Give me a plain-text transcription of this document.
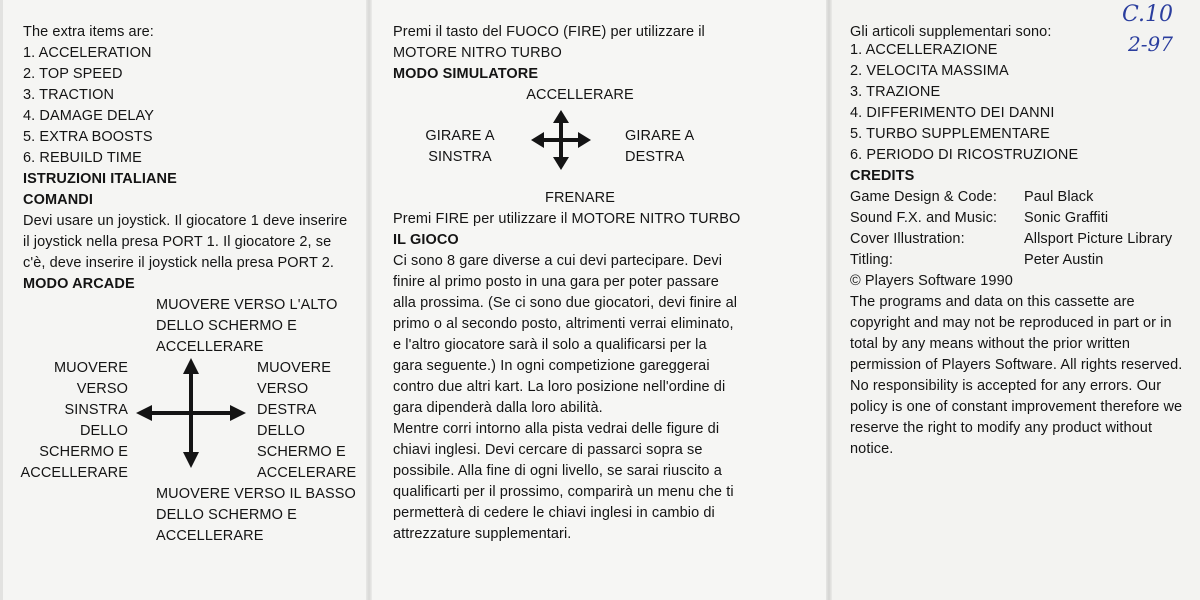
The extra items are:
1. ACCELERATION
2. TOP SPEED
3. TRACTION
4. DAMAGE DELAY
5. EXTRA BOOSTS
6. REBUILD TIME
ISTRUZIONI ITALIANE
COMANDI
Devi usare un joystick. Il giocatore 1 deve inserire
il joystick nella presa PORT 1. Il giocatore 2, se
c'è, deve inserire il joystick nella presa PORT 2.
MODO ARCADE
MUOVERE VERSO L'ALTO
DELLO SCHERMO E
ACCELLERARE
MUOVERE
VERSO
SINSTRA
DELLO
SCHERMO E
ACCELLERARE
MUOVERE
VERSO
DESTRA
DELLO
SCHERMO E
ACCELERARE
MUOVERE VERSO IL BASSO
DELLO SCHERMO E
ACCELLERARE
Premi il tasto del FUOCO (FIRE) per utilizzare il
MOTORE NITRO TURBO
MODO SIMULATORE
ACCELLERARE
GIRARE A
SINSTRA
GIRARE A
DESTRA
FRENARE
Premi FIRE per utilizzare il MOTORE NITRO TURBO
IL GIOCO
Ci sono 8 gare diverse a cui devi partecipare. Devi
finire al primo posto in una gara per poter passare
alla prossima. (Se ci sono due giocatori, devi finire al
primo o al secondo posto, altrimenti verrai eliminato,
e l'altro giocatore sarà il solo a qualificarsi per la
gara seguente.) In ogni competizione gareggerai
contro due altri kart. La loro posizione nell'ordine di
gara dipenderà dalla loro abilità.
Mentre corri intorno alla pista vedrai delle figure di
chiavi inglesi. Devi cercare di passarci sopra se
possibile. Alla fine di ogni livello, se sarai riuscito a
qualificarti per il prossimo, comparirà un menu che ti
permetterà di cedere le chiavi inglesi in cambio di
attrezzature supplementari.
Gli articoli supplementari sono:
1. ACCELLERAZIONE
2. VELOCITA MASSIMA
3. TRAZIONE
4. DIFFERIMENTO DEI DANNI
5. TURBO SUPPLEMENTARE
6. PERIODO DI RICOSTRUZIONE
CREDITS
Game Design & Code: Paul Black
Sound F.X. and Music: Sonic Graffiti
Cover Illustration:	Allsport Picture Library
Titling:	Peter Austin
© Players Software 1990
The programs and data on this cassette are
copyright and may not be reproduced in part or in
total by any means without the prior written
permission of Players Software. All rights reserved.
No responsibility is accepted for any errors. Our
policy is one of constant improvement therefore we
reserve the right to modify any product without
notice.
C.10
2-97
